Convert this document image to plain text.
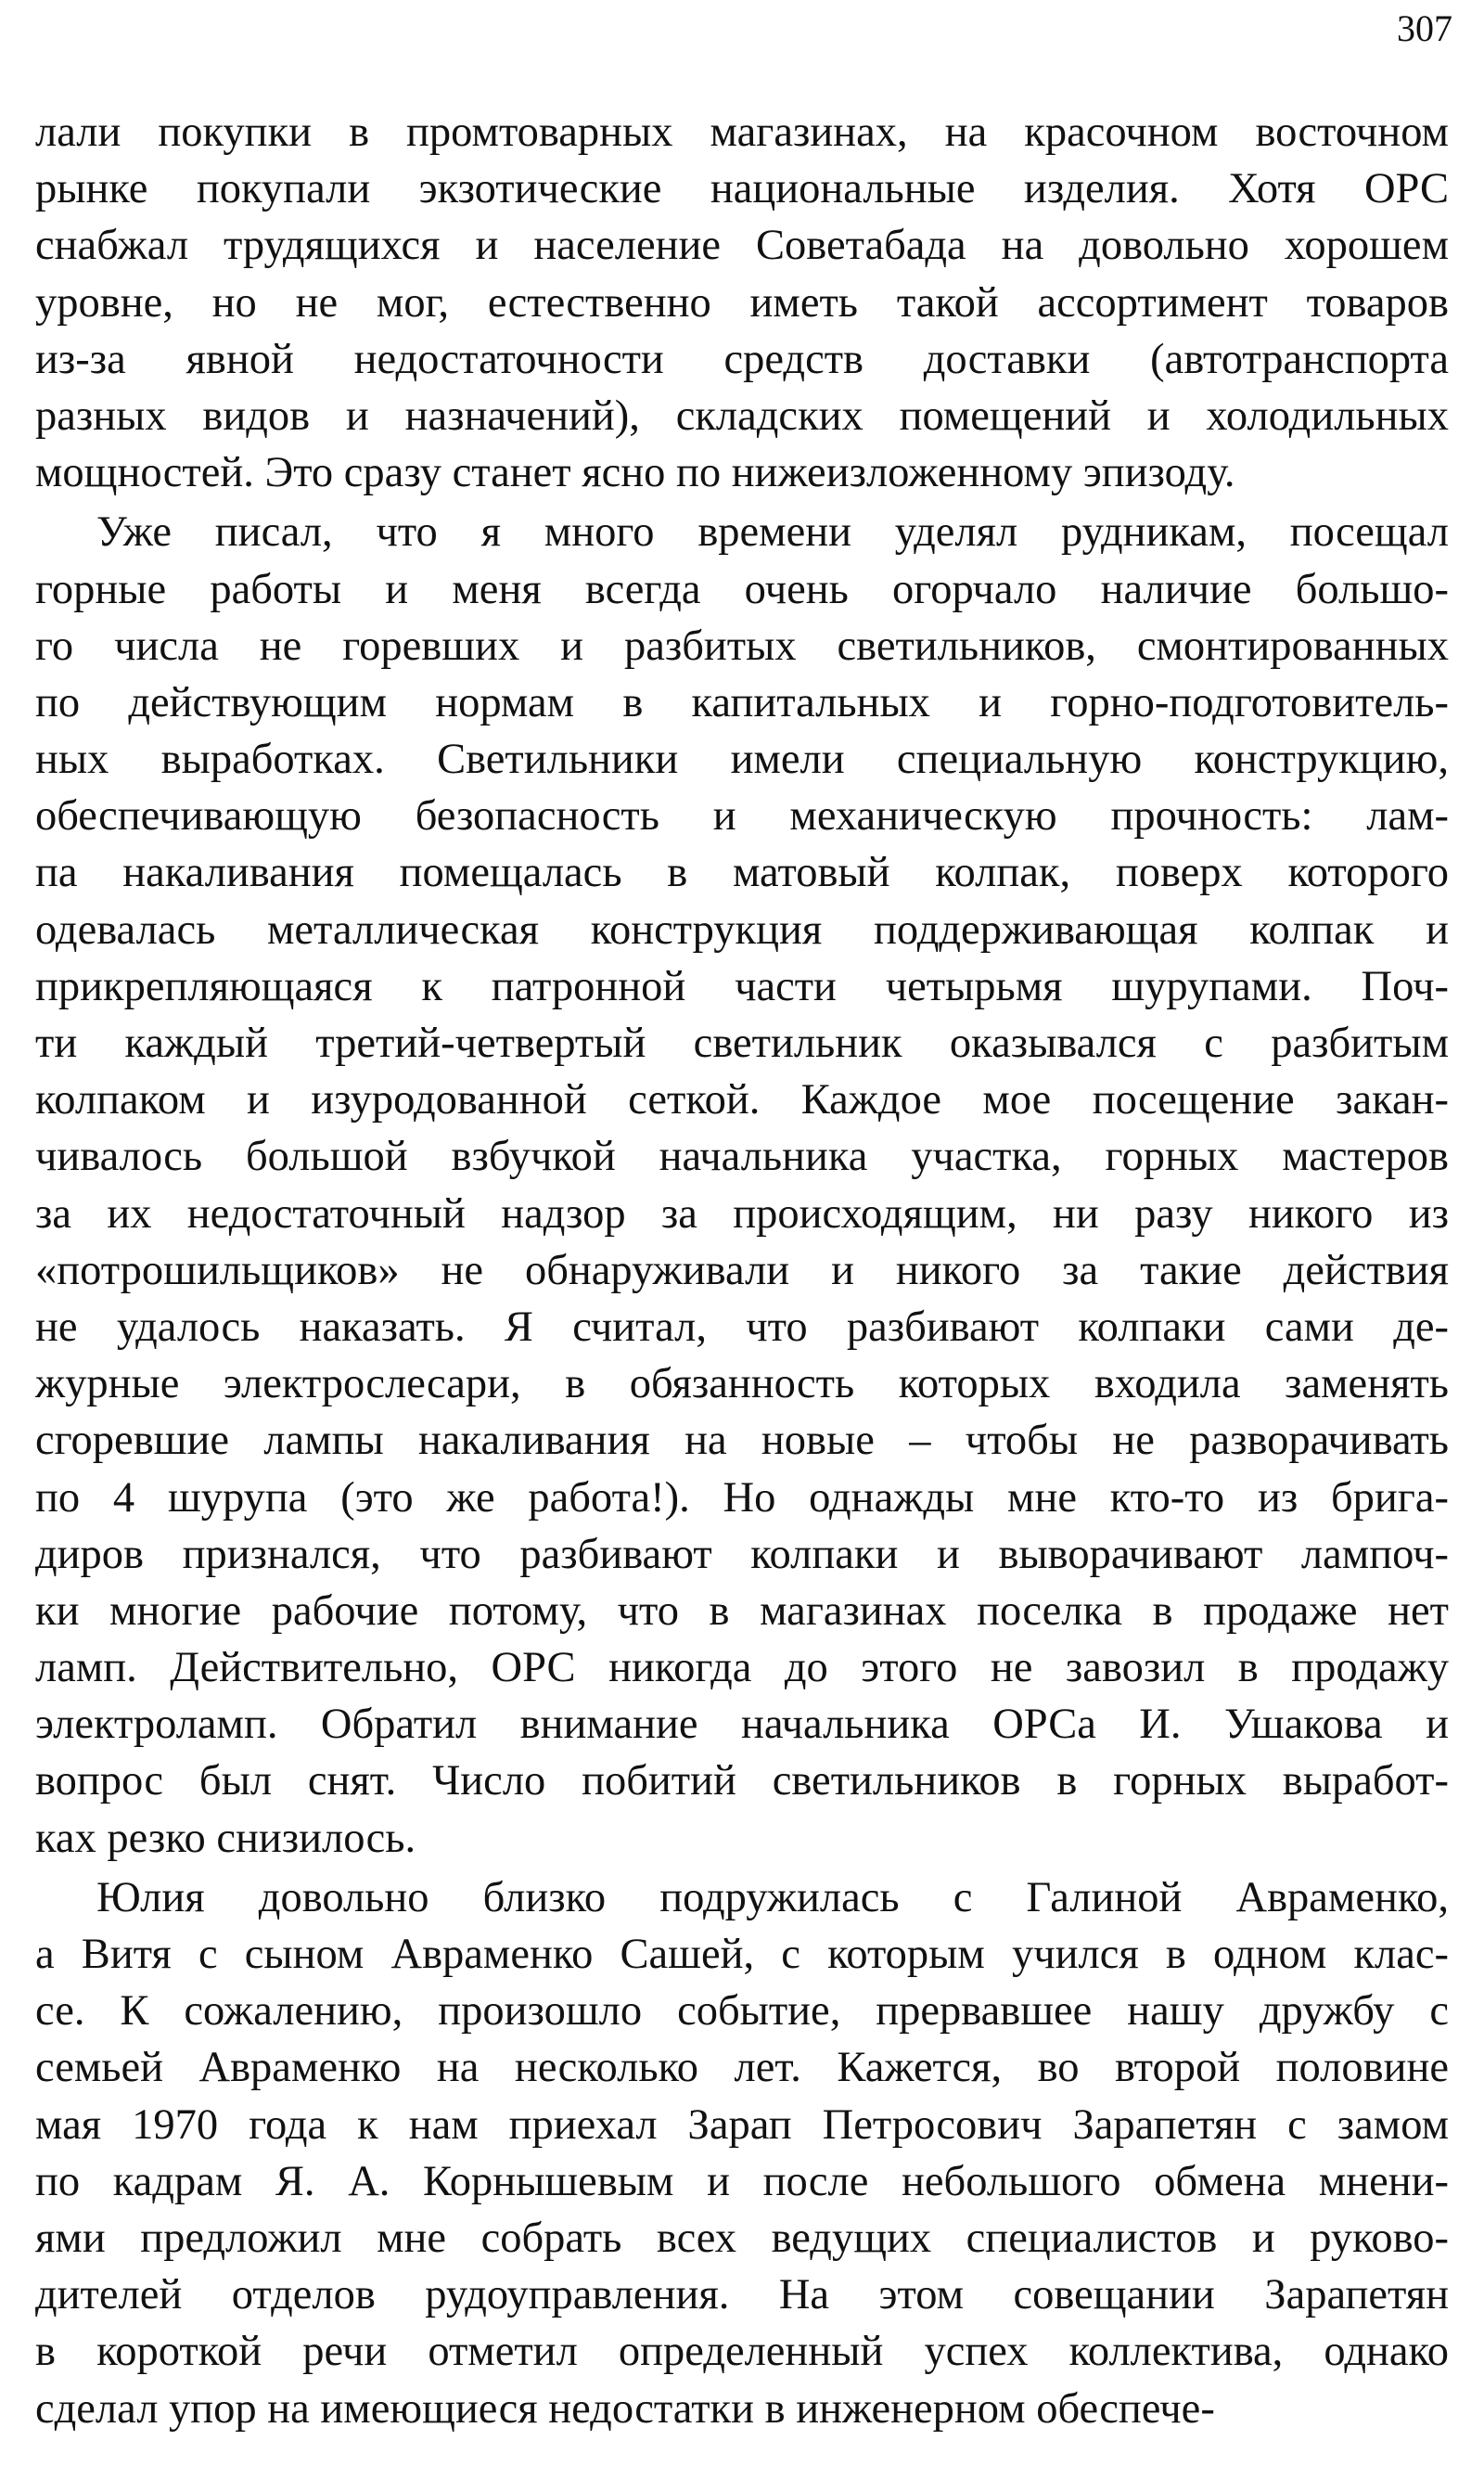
307
лали покупки в промтоварных магазинах, на красочном восточном
рынке покупали экзотические национальные изделия. Хотя ОРС
снабжал трудящихся и население Советабада на довольно хорошем
уровне, но не мог, естественно иметь такой ассортимент товаров
из-за явной недостаточности средств доставки (автотранспорта
разных видов и назначений), складских помещений и холодильных
мощностей. Это сразу станет ясно по нижеизложенному эпизоду.
Уже писал, что я много времени уделял рудникам, посещал
горные работы и меня всегда очень огорчало наличие большо-
го числа не горевших и разбитых светильников, смонтированных
по действующим нормам в капитальных и горно-подготовитель-
ных выработках. Светильники имели специальную конструкцию,
обеспечивающую безопасность и механическую прочность: лам-
па накаливания помещалась в матовый колпак, поверх которого
одевалась металлическая конструкция поддерживающая колпак и
прикрепляющаяся к патронной части четырьмя шурупами. Поч-
ти каждый третий-четвертый светильник оказывался с разбитым
колпаком и изуродованной сеткой. Каждое мое посещение закан-
чивалось большой взбучкой начальника участка, горных мастеров
за их недостаточный надзор за происходящим, ни разу никого из
«потрошильщиков» не обнаруживали и никого за такие действия
не удалось наказать. Я считал, что разбивают колпаки сами де-
журные электрослесари, в обязанность которых входила заменять
сгоревшие лампы накаливания на новые – чтобы не разворачивать
по 4 шурупа (это же работа!). Но однажды мне кто-то из брига-
диров признался, что разбивают колпаки и выворачивают лампоч-
ки многие рабочие потому, что в магазинах поселка в продаже нет
ламп. Действительно, ОРС никогда до этого не завозил в продажу
электроламп. Обратил внимание начальника ОРСа И. Ушакова и
вопрос был снят. Число побитий светильников в горных выработ-
ках резко снизилось.
Юлия довольно близко подружилась с Галиной Авраменко,
а Витя с сыном Авраменко Сашей, с которым учился в одном клас-
се. К сожалению, произошло событие, прервавшее нашу дружбу с
семьей Авраменко на несколько лет. Кажется, во второй половине
мая 1970 года к нам приехал Зарап Петросович Зарапетян с замом
по кадрам Я. А. Корнышевым и после небольшого обмена мнени-
ями предложил мне собрать всех ведущих специалистов и руково-
дителей отделов рудоуправления. На этом совещании Зарапетян
в короткой речи отметил определенный успех коллектива, однако
сделал упор на имеющиеся недостатки в инженерном обеспече-
